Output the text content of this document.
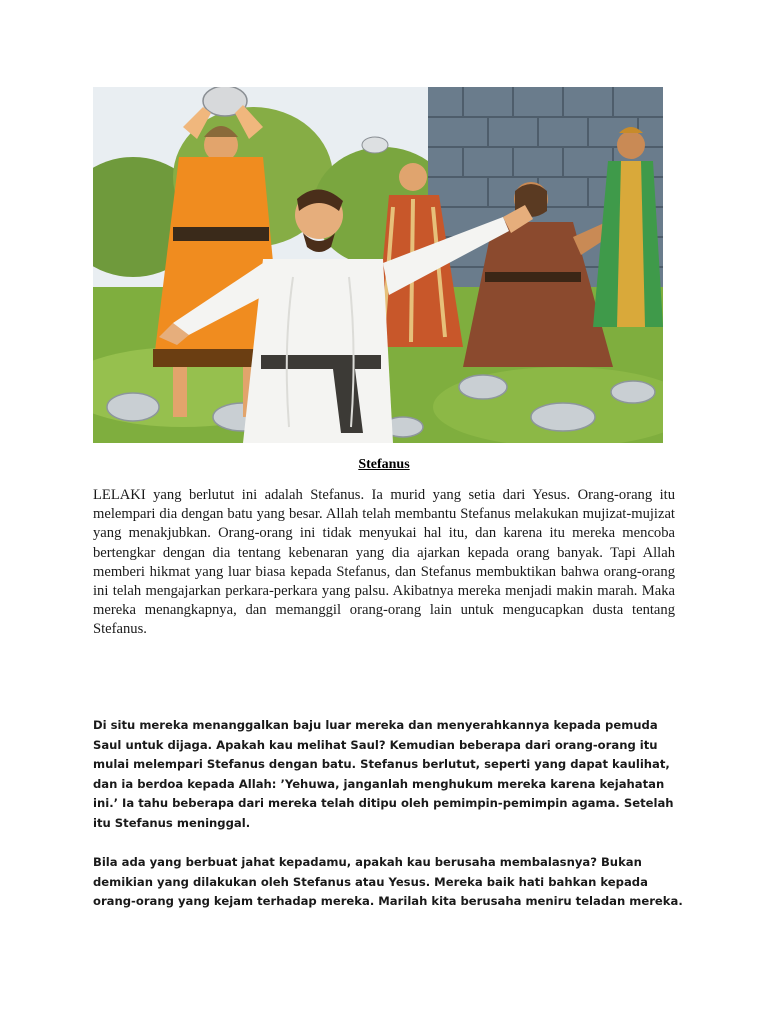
Stefanus

LELAKI yang berlutut ini adalah Stefanus. Ia murid yang setia dari Yesus. Orang-orang itu melempari dia dengan batu yang besar. Allah telah membantu Stefanus melakukan mujizat-mujizat yang menakjubkan. Orang-orang ini tidak menyukai hal itu, dan karena itu mereka mencoba bertengkar dengan dia tentang kebenaran yang dia ajarkan kepada orang banyak. Tapi Allah memberi hikmat yang luar biasa kepada Stefanus, dan Stefanus membuktikan bahwa orang-orang ini telah mengajarkan perkara-perkara yang palsu. Akibatnya mereka menjadi makin marah. Maka mereka menangkapnya, dan memanggil orang-orang lain untuk mengucapkan dusta tentang Stefanus.

Di situ mereka menanggalkan baju luar mereka dan menyerahkannya kepada pemuda Saul untuk dijaga. Apakah kau melihat Saul? Kemudian beberapa dari orang-orang itu mulai melempari Stefanus dengan batu. Stefanus berlutut, seperti̇ yang dapat kaulihat, dan ia berdoa kepada Allah: ’Yehuwa, janganlah menghukum mereka karena kejahatan ini.’ Ia tahu beberapa dari mereka telah diti̇pu oleh pemimpin-pemimpin agama. Setelah itu Stefanus meninggal.

Bila ada yang berbuat jahat kepadamu, apakah kau berusaha membalasnya? Bukan demikian yang dilakukan oleh Stefanus atau Yesus. Mereka baik hati̇ bahkan kepada orang-orang yang kejam terhadap mereka. Marilah kita berusaha meniru teladan mereka.
